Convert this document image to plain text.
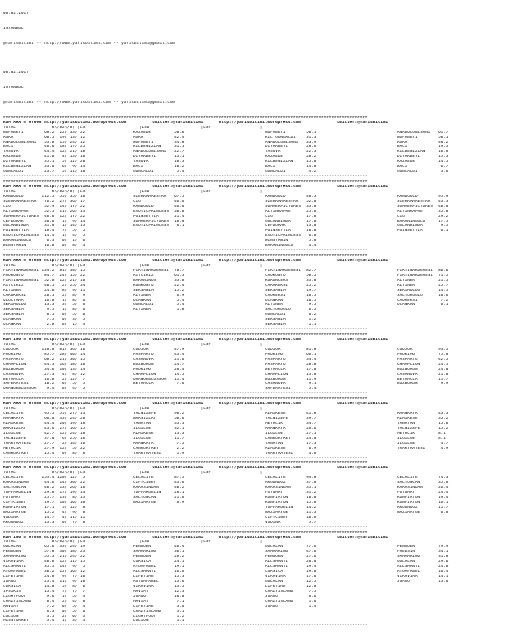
08.02.2017

ISTANBUL

@YarisBilimi -- http://www.yarisbilimi.com -- yarisbilimi@gmail.com

08.02.2017

ISTANBUL

@YarisBilimi -- http://www.yarisbilimi.com -- yarisbilimi@gmail.com

##############################################################################################################################################
KUM ARA = 97690 http://yarisbilimi.wordpress.com          twitter:@YarisBilimi      http://yarisbilimi.wordpress.com              twitter:@YarisBilimi
TOTAL              8\/82\/8) |LS                     |LSD                    |LSF                   |
NOFABEYI        68.2  22/ 33/ 22	KAZAEDE         50.6	NOFABEYI        50.1	ANADOLUNISANI   61.7
AGRA            60.5  19/ 13/ 12	AGRA            42.4	KIL GONGALDI    31.3	NOFABEYI        50.1
ANADOLUNISANI   53.8  15/ 24/ 12	NOFABEYI        34.0	ANADOLUNISANI   33.9	AGRA            40.2
BACI            46.6  18/ 17/ 25	KILBENIZLAN     31.1	DIYARBEYI       28.6	BACI            19.5
TASOVA          44.4  12/ 21/ 18	ANADOLUNISANI   22.7	TASOVA          22.3	KILBENIZLAN     16.8
KAZAEDE         41.8   4/ 13/ 18	DIYARBEYI       13.1	KAZAEDE         20.2	DIYARBEYI       15.3
DIYARBEYI       35.1   5/ 12/ 20	TASOVA          10.3	KILBENIZLAN     15.8	KAZAEDE         14.5
KILBENIZLAN     33.6   6/  9/ 14	BACI            10.2	BACI            14.0	BACI             6.7
GUNCALDI        23.7   5/ 11/ 18	GUNCALDI         5.4	GUNCALDI         4.2	GUNCALDI         3.6
----------------------------------------------------------------------------------------------------------------------------------------------
##############################################################################################################################################
KUM ARA = 97690 http://yarisbilimi.wordpress.com          twitter:@YarisBilimi      http://yarisbilimi.wordpress.com              twitter:@YarisBilimi
TOTAL              8\/82\/8) |LS                     |LSD                    |LSF                   |
RANDGOLD       112.5  55/ 35/ 18	SIERRAMAESTRA   67.5	RANDGOLD        48.3	RANDGOLD        95.9
SIERRAMAESTRA   76.2  27/ 36/ 17	CIG             46.6	SIERRAMAESTRA   52.8	SIERRAMAESTRA   43.3
CIG             52.9  14/ 17/ 22	RANDGOLD        46.6	SUMMERPICTURES  33.0	SUMMERPICTURES  40.0
ALTINKAPRE      52.5  11/ 26/ 13	EXOTICPRINCESS  30.0	ALTINKAPRE      25.8	ALTINKAPRE      35.0
SUMMERPICTURES  46.6  12/ 17/ 22	POINSETTIA      21.4	CIG             17.8	CIG             29.2
CEFDURAK        36.6   1/  9/ 14	SUMMERPICTURES  18.0	GULANBINDA      17.0	BARANINGULU     17.5
GULANBINDA      31.0   1/ 14/ 13	EXOTICPRINCESS   6.1	CEFDURAK        13.0	GULANBINDA       9.5
POINSETTIA      18.4   7/  5/  5	POINSETTIA      10.0	POINSETTIA       6.1
EXOTICPRINCESS  14.4   1/  4/  5	EXOTICPRINCESS   6.0
BARANINGULU      6.3   0/  1/  6	WINSTAWIN        5.8
WINSTAWIN       16.0   0/  8/  4	BARANINGULU      4.4
----------------------------------------------------------------------------------------------------------------------------------------------
##############################################################################################################################################
KUM ARA = 97689 http://yarisbilimi.wordpress.com          twitter:@YarisBilimi      http://yarisbilimi.wordpress.com              twitter:@YarisBilimi
TOTAL              8\/82\/8) |LS                     |LSD                    |LSF                   |
FIRTINAKDERESI 134.2  81/ 38/ 15	FIRTINAKDERESI  78.7	FIRTINAKDERESI  82.7	FIRTINAKDERESI  86.6
PROKONTO        84.7  24/ 15/ 22	AITCIKIZ        61.3	CAOKONTO        50.5	FIRTINAKDERESI  71.5
FIRTINAKDERESI  52.0  12/ 21/ 16	BARANINOS       33.8	KORONCEKS       33.0	ALTINER         21.5
AITCIKIZ        40.1   2/ 25/ 34	KONKONTO        22.4	CARAKEKSI       25.2	ALTINER         25.7
ALTINER         24.8   8/  9/ 11	SEKSANIM        15.2	SEKSANIM        19.7	SERIHOLDU       14.5
CAROKEKSI       20.1   2/  8/  9	ALTINER          6.9	CAOKEKSI        10.5	SALTUKOGLU      10.6
OLUCYAMA        16.0   1/  8/  6	UCANKAN          5.4	UCANKAN         10.5	CAOKEKSI         7.2
SERIHOLDU       13.3   3/  5/  6	GUNCALDI         5.4	ALTINER          9.5	UCANKAN          6.1
SEKSANIM         9.5   1/  8/  6	ALTINER          1.8	SALTUKOGLU       6.5
SEKSANIM         8.1   0/  5/  8	GUNCALDI         6.2
UCANKAN          7.5   0/  3/  5	SEKSANIM         1.2
UCANKAN          2.8   0/  1/  4	SEKSANIM         1.1
----------------------------------------------------------------------------------------------------------------------------------------------
##############################################################################################################################################
KUM ING = 97690 http://yarisbilimi.wordpress.com          twitter:@YarisBilimi      http://yarisbilimi.wordpress.com              twitter:@YarisBilimi
TOTAL              8\/82\/8) |LS                     |LSD                    |LSF                   |
CODJOR         118.8  81/ 36/ 16	CODJOR          47.9	CODJOR          81.0	CODJOR          93.5
PROKIMO         85.7  28/ 40/ 14	PASPARTU        43.4	PROKIMO         66.1	PROKIMO         75.0
PASPARTU        68.2  21/ 30/ 15	CASANOVA        21.6	PASPARTU        34.4	PASPARTU        42.5
CHAMPLION       44.3  16/ 18/ 18	BOZBURUN        24.7	PASPARTU        20.0	CHAMPLION       24.5
BOZBURUN        34.6  10/ 13/ 14	PROKIMO         20.4	BETAMCLA        17.8	BOZBURUN        24.0
CASANOVA        27.3   4/  8/ 12	CHAMPLION       14.5	CHAMPLION       13.0	CASANOVA        21.0
BETAMCLA        16.8   2/ 12/  7	ORANGEBLOSSOM   11.4	BOZBURUN        11.9	BETAMCLA        11.7
SAFERATESI      10.2   0/  5/  5	BETAMCLA         7.6	CASANOVA         9.1	BOZBURUN         9.9
ORANGEBLOSSOM    9.4   0/  4/  5	SAFERATESI       5.4
----------------------------------------------------------------------------------------------------------------------------------------------
##############################################################################################################################################
KUM ARA = 97688 http://yarisbilimi.wordpress.com          twitter:@YarisBilimi      http://yarisbilimi.wordpress.com              twitter:@YarisBilimi
TOTAL              8\/82\/8) |LS                     |LSD                    |LSF                   |
CELALIYE        95.5  55/ 27/ 13	YALNIZEFE       98.2	AZMIKESE        41.8	AMANKAYA        43.3
AMANKAYA        66.8  33/ 24/ 20	NARSIZLAT       50.6	YALNIZEFE       39.7	AZMIKESE        35.2
AZMIKESE        44.4  20/ 19/ 18	TANATAN         33.3	METRCIK         34.7	TANATAN         15.8
NARSIZLAT       43.6  27/ 16/ 15	ILGILGE         32.1	AMANKAYA        26.6	YALNIZEFE       15.2
ILGILGE         42.7  12/ 24/ 18	AZMIKESE        13.3	ILGILGE         27.5	METRCIK         8.1
YALNIZEFE       37.0   6/ 25/ 16	ILGILGE         11.7	CANKURTREY      24.0	ILGILGE         8.1
TRAKYAATESI     27.7   2/ 14/ 16	AMANKAYA         7.5	TANATAN         17.3	ILGILGE          4.7
METRCIK         27.9  12/  5/ 22	CANKURTREY       2.2	AZMIKESE         6.9	TRAKYAATESI      4.9
CANKURTREY      15.4   0/  8/  8	TRAKYAATESI      1.9	TRAKYAATESI      4.6
----------------------------------------------------------------------------------------------------------------------------------------------
##############################################################################################################################################
KUM ARA = 97688 http://yarisbilimi.wordpress.com          twitter:@YarisBilimi      http://yarisbilimi.wordpress.com              twitter:@YarisBilimi
TOTAL              8\/82\/8) |LS                     |LSD                    |LSF                   |
CELALIYE       153.4 120/ 12/  5	CELALIYE        87.5	CELALIYE        94.0	CELALIYE        74.3
KARASINDAN      44.6  14/ 30/ 22	CIFTCIBEY       43.6	AKGUNDUZ        37.0	SALTUNCAN       35.8
SALTUNCAN       40.2  13/ 26/ 16	KARASINDAN      40.2	KARASINDAN      35.1	KARASINDAN      26.4
TOPFARGELIN     29.8  17/ 19/ 14	TOPFARGELIN     28.1	FUTUHAT         31.2	FUTUHAT         24.4
FUTUHAT         25.7  13/  8/ 13	SALTUNCAN       21.6	KONFIATON       18.0	KONFIATON       19.4
CIFTCIBEY       19.7  10/ 10/ 10	NAZIMAYGE        8.9	KONFIATON       15.8	KONFIATON       16.1
KONFIATON       17.1   5/ 12/  8	TOPFARGELIN     14.2	AKGUNDUZ        11.7
NAZIMAYGE       15.2   4/  9/  8	NAZIMAYGE       11.3	NAZIMAYGE        6.8
VODINA          14.7   4/ 11/ 11	CIFTCIBEY       10.8
AKGUNDUZ        13.3   0/  7/  8	VODINA           5.7
----------------------------------------------------------------------------------------------------------------------------------------------
##############################################################################################################################################
KUM ING = 97688 http://yarisbilimi.wordpress.com          twitter:@YarisBilimi      http://yarisbilimi.wordpress.com              twitter:@YarisBilimi
TOTAL              8\/82\/8) |LS                     |LSD                    |LSF                   |
GOLALAN         65.6  33/ 24/ 19	PENGUEN         46.4	GOLALAN         77.6	PENGUEN         79.9
PENGUEN         57.8  30/ 18/ 23	SAMMARINO       36.1	SAMMARINO       47.6	FREDSIN         34.1
SAMMARINO       55.3  21/ 24/ 22	PENGUEN         28.2	PENGUEN         27.6	SAMMARINO       31.0
VIRAVIRA        40.8  12/ 11/ 15	CORSICA         24.1	ALLSHANTI       20.0	GOLALAN         29.6
ALLSHANTI       35.5  14/  9/  5	ATOMFABEL       19.1	ALLSHANTI       19.4	ALLSHANTI       24.0
ATOMFABEL       30.2  12/ 16/ 12	ALLSHANTI       16.6	CORSICA         19.0	ATOMFABEL       16.4
LIFETIME        24.8   9/  7/ 16	LIFETIME        15.3	VIRAVIRA        17.6	VIRAVIRA        14.1
JUAGO           23.4  11/  9/ 10	AUTOMFABEL      13.6	GOLALAN         12.5	JUAGO           13.6
CORSICA         14.0   5/  8/  6	VIRAVIRA        13.5	LIFETIME        12.0
IPSIKIS         13.4   7/  7/  7	MAVIAY          12.3	CRAZYISLAND      7.5
LIGHTFOOT        9.6   1/  5/  4	JUAGO           10.0	JUAGO            6.6
CRAZYISLAND      8.4   2/  4/  8	MAVIAY           7.1	CRAZYISLAND      1.6
MAVIAY           7.2   0/  5/  4	LIFETIME         3.6	JUAGO            1.4
LIFETIME         6.3   0/  5/  6	CRAZYISLAND      3.1
LOLION           3.5   2/  0/  3	LIGHTFOOT        1.2
MISSTURKEY       3.4   1/  3/  3	LOLION           1.1
----------------------------------------------------------------------------------------------------------------------------------------------
